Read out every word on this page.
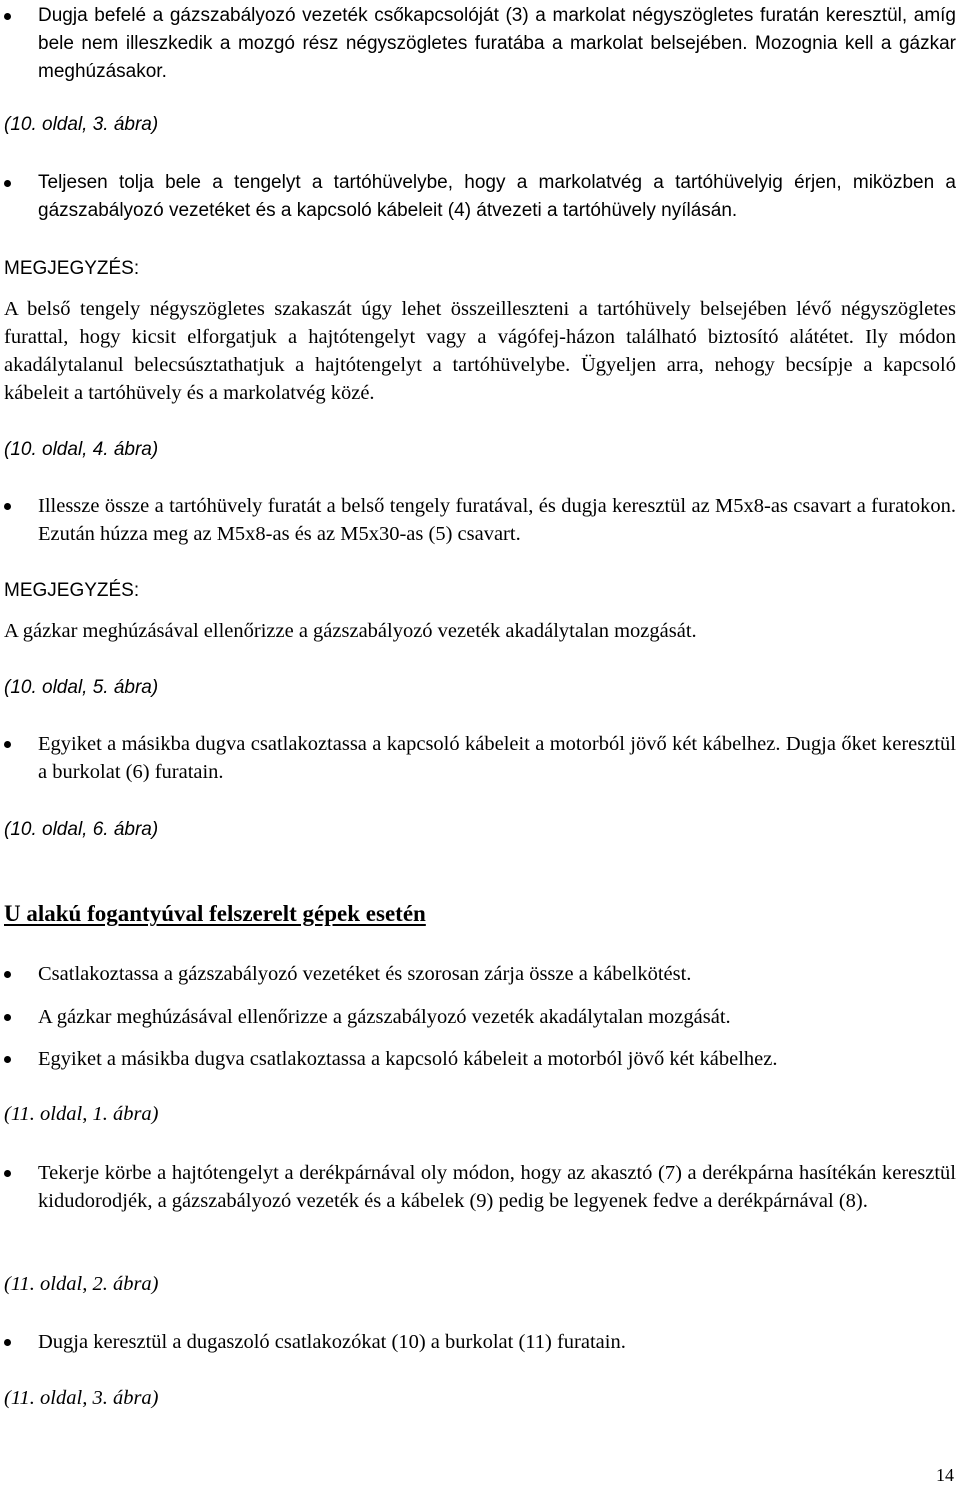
Dugja befelé a gázszabályozó vezeték csőkapcsolóját (3) a markolat négyszögletes furatán keresztül, amíg bele nem illeszkedik a mozgó rész négyszögletes furatába a markolat belsejében. Mozognia kell a gázkar meghúzásakor.
(10. oldal, 3. ábra)
Teljesen tolja bele a tengelyt a tartóhüvelybe, hogy a markolatvég a tartóhüvelyig érjen, miközben a gázszabályozó vezetéket és a kapcsoló kábeleit (4) átvezeti a tartóhüvely nyílásán.
MEGJEGYZÉS:
A belső tengely négyszögletes szakaszát úgy lehet összeilleszteni a tartóhüvely belsejében lévő négyszögletes furattal, hogy kicsit elforgatjuk a hajtótengelyt vagy a vágófej-házon található biztosító alátétet. Ily módon akadálytalanul belecsúsztathatjuk a hajtótengelyt a tartóhüvelybe. Ügyeljen arra, nehogy becsípje a kapcsoló kábeleit a tartóhüvely és a markolatvég közé.
(10. oldal, 4. ábra)
Illessze össze a tartóhüvely furatát a belső tengely furatával, és dugja keresztül az M5x8-as csavart a furatokon. Ezután húzza meg az M5x8-as és az M5x30-as (5) csavart.
MEGJEGYZÉS:
A gázkar meghúzásával ellenőrizze a gázszabályozó vezeték akadálytalan mozgását.
(10. oldal, 5. ábra)
Egyiket a másikba dugva csatlakoztassa a kapcsoló kábeleit a motorból jövő két kábelhez. Dugja őket keresztül a burkolat (6) furatain.
(10. oldal, 6. ábra)
U alakú fogantyúval felszerelt gépek esetén
Csatlakoztassa a gázszabályozó vezetéket és szorosan zárja össze a kábelkötést.
A gázkar meghúzásával ellenőrizze a gázszabályozó vezeték akadálytalan mozgását.
Egyiket a másikba dugva csatlakoztassa a kapcsoló kábeleit a motorból jövő két kábelhez.
(11. oldal, 1. ábra)
Tekerje körbe a hajtótengelyt a derékpárnával oly módon, hogy az akasztó (7) a derékpárna hasítékán keresztül kidudorodjék, a gázszabályozó vezeték és a kábelek (9) pedig be legyenek fedve a derékpárnával (8).
(11. oldal, 2. ábra)
Dugja keresztül a dugaszoló csatlakozókat (10) a burkolat (11) furatain.
(11. oldal, 3. ábra)
14
